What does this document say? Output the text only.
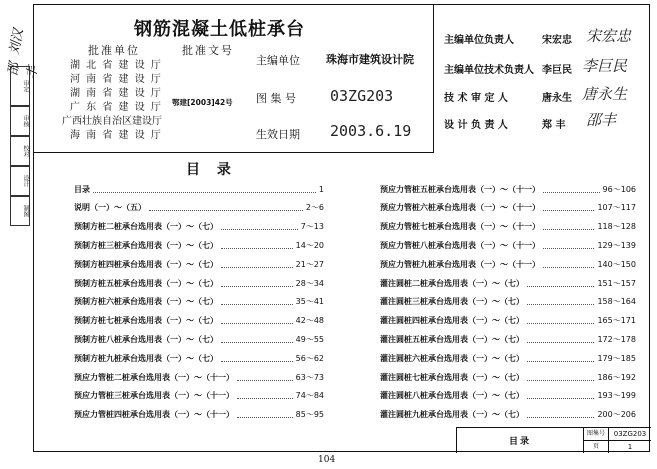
刘汉
邵丰
审定
审核
校对
设计
制图
钢筋混凝土低桩承台
批准单位	批准文号
湖 北 省 建 设 厅
河 南 省 建 设 厅
湖 南 省 建 设 厅
广 东 省 建 设 厅
广西壮族自治区建设厅
海 南 省 建 设 厅
鄂建[2003]42号
主编单位 珠海市建筑设计院
图 集 号 03ZG203
生效日期 2003.6.19
主编单位负责人	宋宏忠 宋宏忠
主编单位技术负责人 李巨民 李巨民
技 术 审 定 人	唐永生 唐永生
设 计 负 责 人	郑 丰 邵丰
目 录
目录	1
说明（一）～（五）	2～6
预制方桩二桩承台选用表（一）～（七）	7～13
预制方桩三桩承台选用表（一）～（七）	14～20
预制方桩四桩承台选用表（一）～（七）	21～27
预制方桩五桩承台选用表（一）～（七）	28～34
预制方桩六桩承台选用表（一）～（七）	35～41
预制方桩七桩承台选用表（一）～（七）	42～48
预制方桩八桩承台选用表（一）～（七）	49～55
预制方桩九桩承台选用表（一）～（七）	56～62
预应力管桩二桩承台选用表（一）～（十一）	63～73
预应力管桩三桩承台选用表（一）～（十一）	74～84
预应力管桩四桩承台选用表（一）～（十一）	85～95
预应力管桩五桩承台选用表（一）～（十一）	96～106
预应力管桩六桩承台选用表（一）～（十一）	107～117
预应力管桩七桩承台选用表（一）～（十一）	118～128
预应力管桩八桩承台选用表（一）～（十一）	129～139
预应力管桩九桩承台选用表（一）～（十一）	140～150
灌注圆桩二桩承台选用表（一）～（七）	151～157
灌注圆桩三桩承台选用表（一）～（七）	158～164
灌注圆桩四桩承台选用表（一）～（七）	165～171
灌注圆桩五桩承台选用表（一）～（七）	172～178
灌注圆桩六桩承台选用表（一）～（七）	179～185
灌注圆桩七桩承台选用表（一）～（七）	186～192
灌注圆桩八桩承台选用表（一）～（七）	193～199
灌注圆桩九桩承台选用表（一）～（七）	200～206
目录
图集号	03ZG203
页	1
104
